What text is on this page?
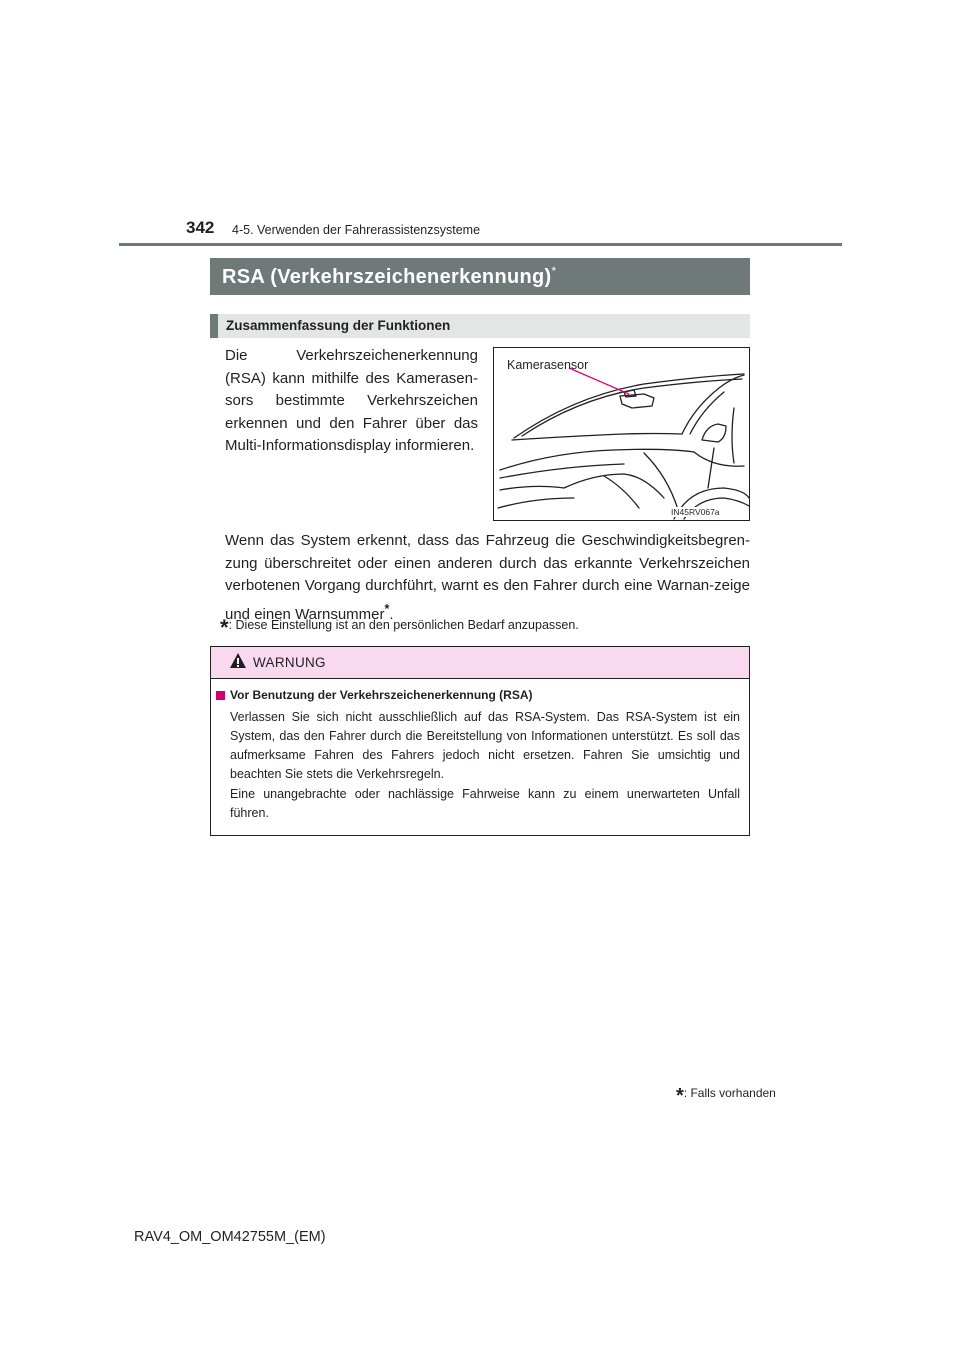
342 4-5. Verwenden der Fahrerassistenzsysteme
RSA (Verkehrszeichenerkennung)*
Zusammenfassung der Funktionen
Die Verkehrszeichenerkennung (RSA) kann mithilfe des Kamerasen-sors bestimmte Verkehrszeichen erkennen und den Fahrer über das Multi-Informationsdisplay informieren.
Kamerasensor
IN45RV067a
Wenn das System erkennt, dass das Fahrzeug die Geschwindigkeitsbegren-zung überschreitet oder einen anderen durch das erkannte Verkehrszeichen verbotenen Vorgang durchführt, warnt es den Fahrer durch eine Warnan-zeige und einen Warnsummer*.
*: Diese Einstellung ist an den persönlichen Bedarf anzupassen.
WARNUNG
Vor Benutzung der Verkehrszeichenerkennung (RSA)
Verlassen Sie sich nicht ausschließlich auf das RSA-System. Das RSA-System ist ein System, das den Fahrer durch die Bereitstellung von Informationen unterstützt. Es soll das aufmerksame Fahren des Fahrers jedoch nicht ersetzen. Fahren Sie umsichtig und beachten Sie stets die Verkehrsregeln.
Eine unangebrachte oder nachlässige Fahrweise kann zu einem unerwarteten Unfall führen.
*: Falls vorhanden
RAV4_OM_OM42755M_(EM)
